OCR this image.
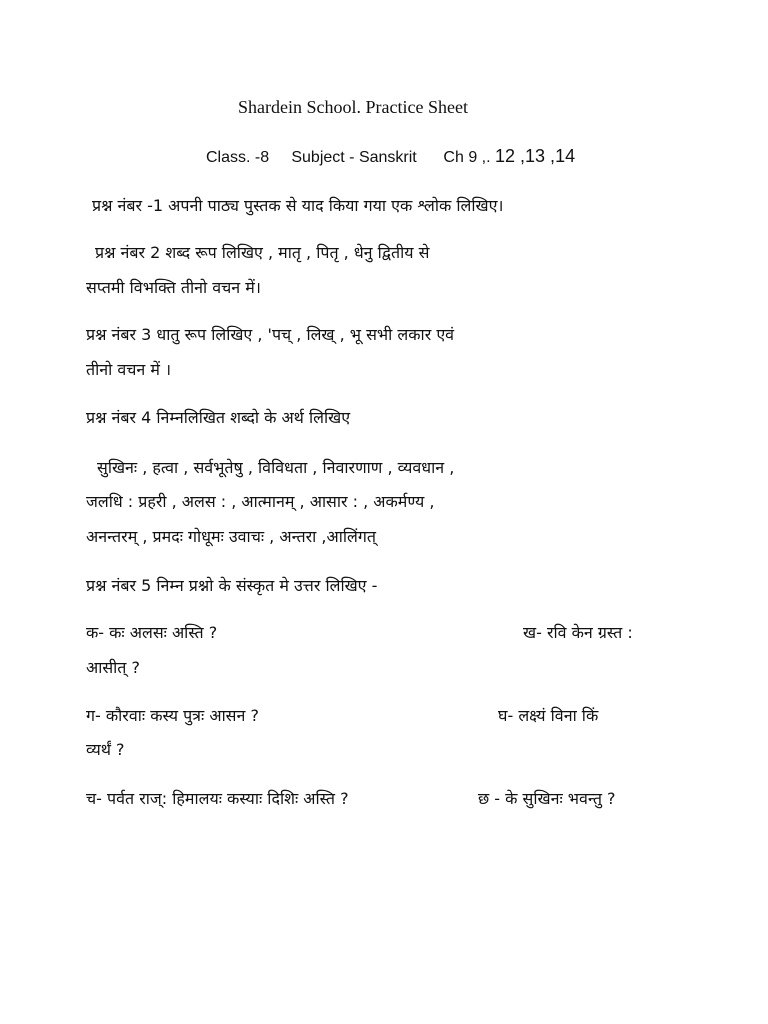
Shardein School. Practice Sheet
Class. -8 Subject - Sanskrit Ch 9 ,. 12 ,13 ,14
प्रश्न नंबर -1 अपनी पाठ्य पुस्तक से याद किया गया एक श्लोक लिखिए।
प्रश्न नंबर 2 शब्द रूप लिखिए , मातृ , पितृ , धेनु द्वितीय से
सप्तमी विभक्ति तीनो वचन में।
प्रश्न नंबर 3 धातु रूप लिखिए , 'पच् , लिख् , भू सभी लकार एवं
तीनो वचन में ।
प्रश्न नंबर 4 निम्नलिखित शब्दो के अर्थ लिखिए
सुखिनः , हत्वा , सर्वभूतेषु , विविधता , निवारणाण , व्यवधान ,
जलधि : प्रहरी , अलस : , आत्मानम् , आसार : , अकर्मण्य ,
अनन्तरम् , प्रमदः गोधूमः उवाचः , अन्तरा ,आलिंगत्
प्रश्न नंबर 5 निम्न प्रश्नो के संस्कृत मे उत्तर लिखिए -
क- कः अलसः अस्ति ?	ख- रवि केन ग्रस्त :
आसीत् ?
ग- कौरवाः कस्य पुत्रः आसन ?	घ- लक्ष्यं विना किं
व्यर्थं ?
च- पर्वत राज्: हिमालयः कस्याः दिशिः अस्ति ?	छ - के सुखिनः भवन्तु ?
